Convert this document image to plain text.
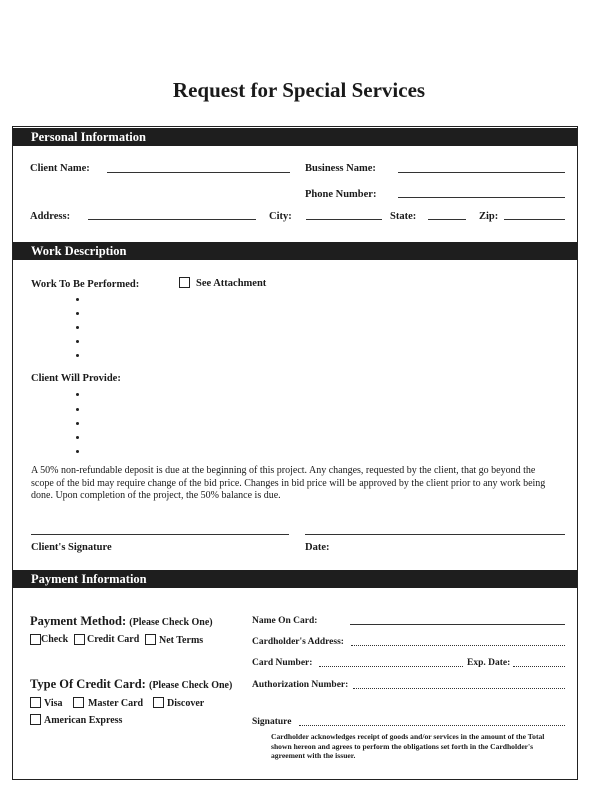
Request for Special Services
Personal Information
Client Name:	Business Name:
Phone Number:
Address:	City:	State:	Zip:
Work Description
Work To Be Performed:	See Attachment
Client Will Provide:
A 50% non-refundable deposit is due at the beginning of this project. Any changes, requested by the client, that go beyond the scope of the bid may require change of the bid price. Changes in bid price will be approved by the client prior to any work being done. Upon completion of the project, the 50% balance is due.
Client's Signature	Date:
Payment Information
Payment Method: (Please Check One)
Check Credit Card Net Terms
Type Of Credit Card: (Please Check One)
Visa	Master Card Discover
American Express
Name On Card:
Cardholder's Address:
Card Number:	Exp. Date:
Authorization Number:
Signature
Cardholder acknowledges receipt of goods and/or services in the amount of the Total shown hereon and agrees to perform the obligations set forth in the Cardholder's agreement with the issuer.
